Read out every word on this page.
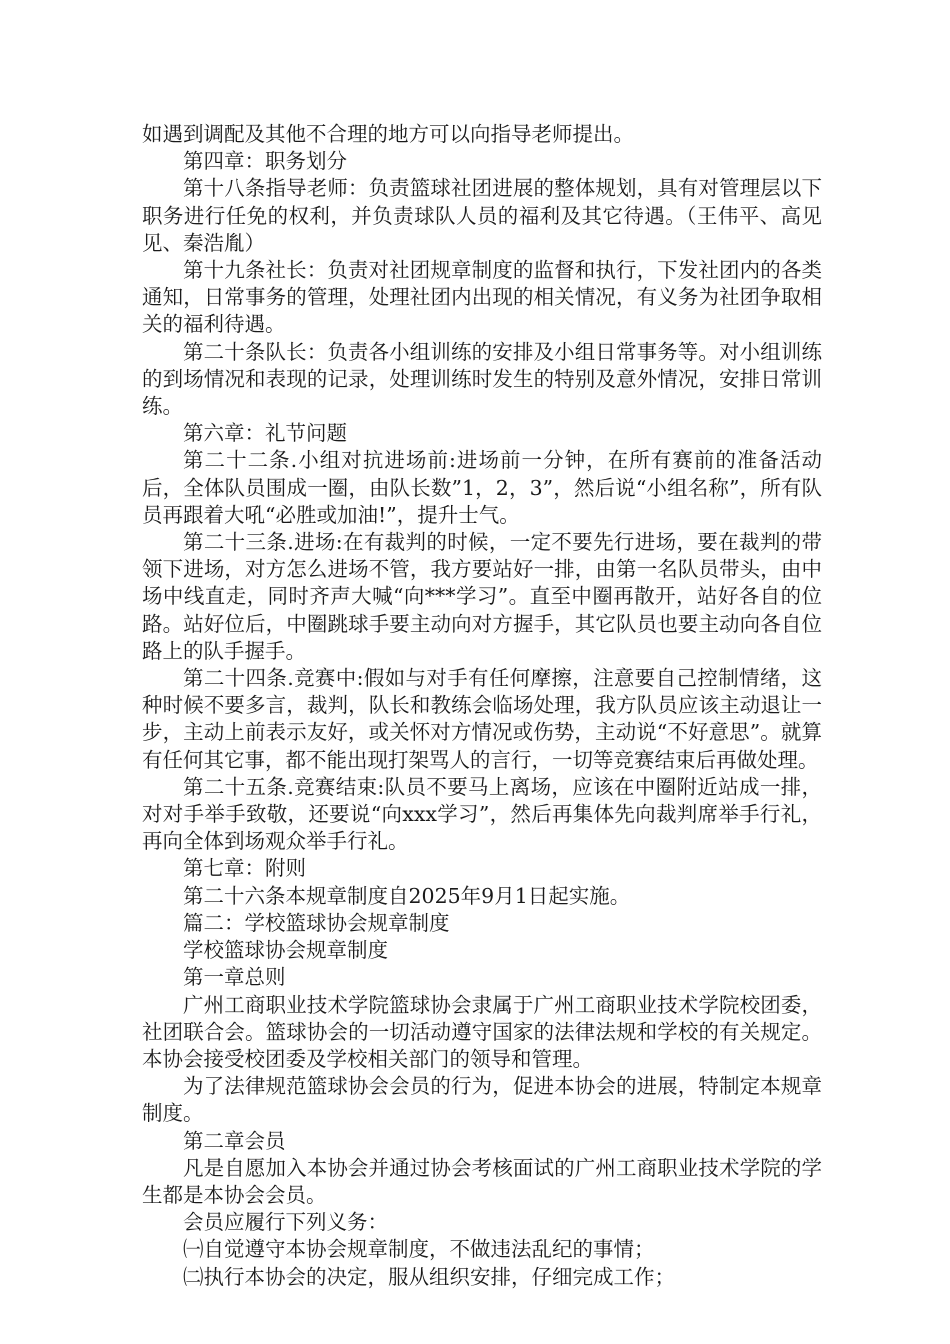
如遇到调配及其他不合理的地方可以向指导老师提出。

第四章：职务划分

第十八条指导老师：负责篮球社团进展的整体规划，具有对管理层以下职务进行任免的权利，并负责球队人员的福利及其它待遇。（王伟平、高见见、秦浩胤）

第十九条社长：负责对社团规章制度的监督和执行，下发社团内的各类通知，日常事务的管理，处理社团内出现的相关情况，有义务为社团争取相关的福利待遇。

第二十条队长：负责各小组训练的安排及小组日常事务等。对小组训练的到场情况和表现的记录，处理训练时发生的特别及意外情况，安排日常训练。

第六章：礼节问题

第二十二条.小组对抗进场前:进场前一分钟，在所有赛前的准备活动后，全体队员围成一圈，由队长数”1，2，3”，然后说“小组名称”，所有队员再跟着大吼“必胜或加油!”，提升士气。

第二十三条.进场:在有裁判的时候，一定不要先行进场，要在裁判的带领下进场，对方怎么进场不管，我方要站好一排，由第一名队员带头，由中场中线直走，同时齐声大喊“向***学习”。直至中圈再散开，站好各自的位路。站好位后，中圈跳球手要主动向对方握手，其它队员也要主动向各自位路上的队手握手。

第二十四条.竞赛中:假如与对手有任何摩擦，注意要自己控制情绪，这种时候不要多言，裁判，队长和教练会临场处理，我方队员应该主动退让一步，主动上前表示友好，或关怀对方情况或伤势，主动说“不好意思”。就算有任何其它事，都不能出现打架骂人的言行，一切等竞赛结束后再做处理。

第二十五条.竞赛结束:队员不要马上离场，应该在中圈附近站成一排，对对手举手致敬，还要说“向xxx学习”，然后再集体先向裁判席举手行礼，再向全体到场观众举手行礼。

第七章：附则

第二十六条本规章制度自2025年9月1日起实施。

篇二：学校篮球协会规章制度

学校篮球协会规章制度

第一章总则

广州工商职业技术学院篮球协会隶属于广州工商职业技术学院校团委，社团联合会。篮球协会的一切活动遵守国家的法律法规和学校的有关规定。本协会接受校团委及学校相关部门的领导和管理。

为了法律规范篮球协会会员的行为，促进本协会的进展，特制定本规章制度。

第二章会员

凡是自愿加入本协会并通过协会考核面试的广州工商职业技术学院的学生都是本协会会员。

会员应履行下列义务：

㈠自觉遵守本协会规章制度，不做违法乱纪的事情；

㈡执行本协会的决定，服从组织安排，仔细完成工作；
